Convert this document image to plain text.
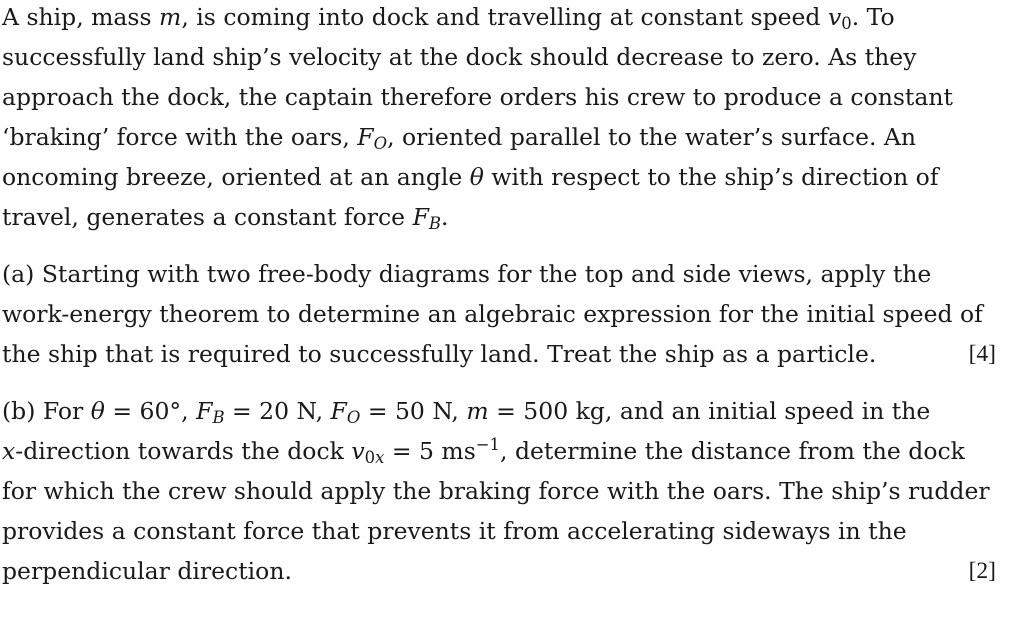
A ship, mass m, is coming into dock and travelling at constant speed $v_0$. To
successfully land ship’s velocity at the dock should decrease to zero. As they
approach the dock, the captain therefore orders his crew to produce a constant
‘braking’ force with the oars, $F_O$, oriented parallel to the water’s surface. An
oncoming breeze, oriented at an angle θ with respect to the ship’s direction of
travel, generates a constant force $F_B$.
(a) Starting with two free-body diagrams for the top and side views, apply the
work-energy theorem to determine an algebraic expression for the initial speed of
the ship that is required to successfully land. Treat the ship as a particle.	[4]
(b) For θ = 60°, $F_B = 20$ N, $F_O = 50$ N, m = 500 kg, and an initial speed in the
x-direction towards the dock $v_{0x} = 5$ $ms^{-1}$, determine the distance from the dock
for which the crew should apply the braking force with the oars. The ship’s rudder
provides a constant force that prevents it from accelerating sideways in the
perpendicular direction.	[2]
